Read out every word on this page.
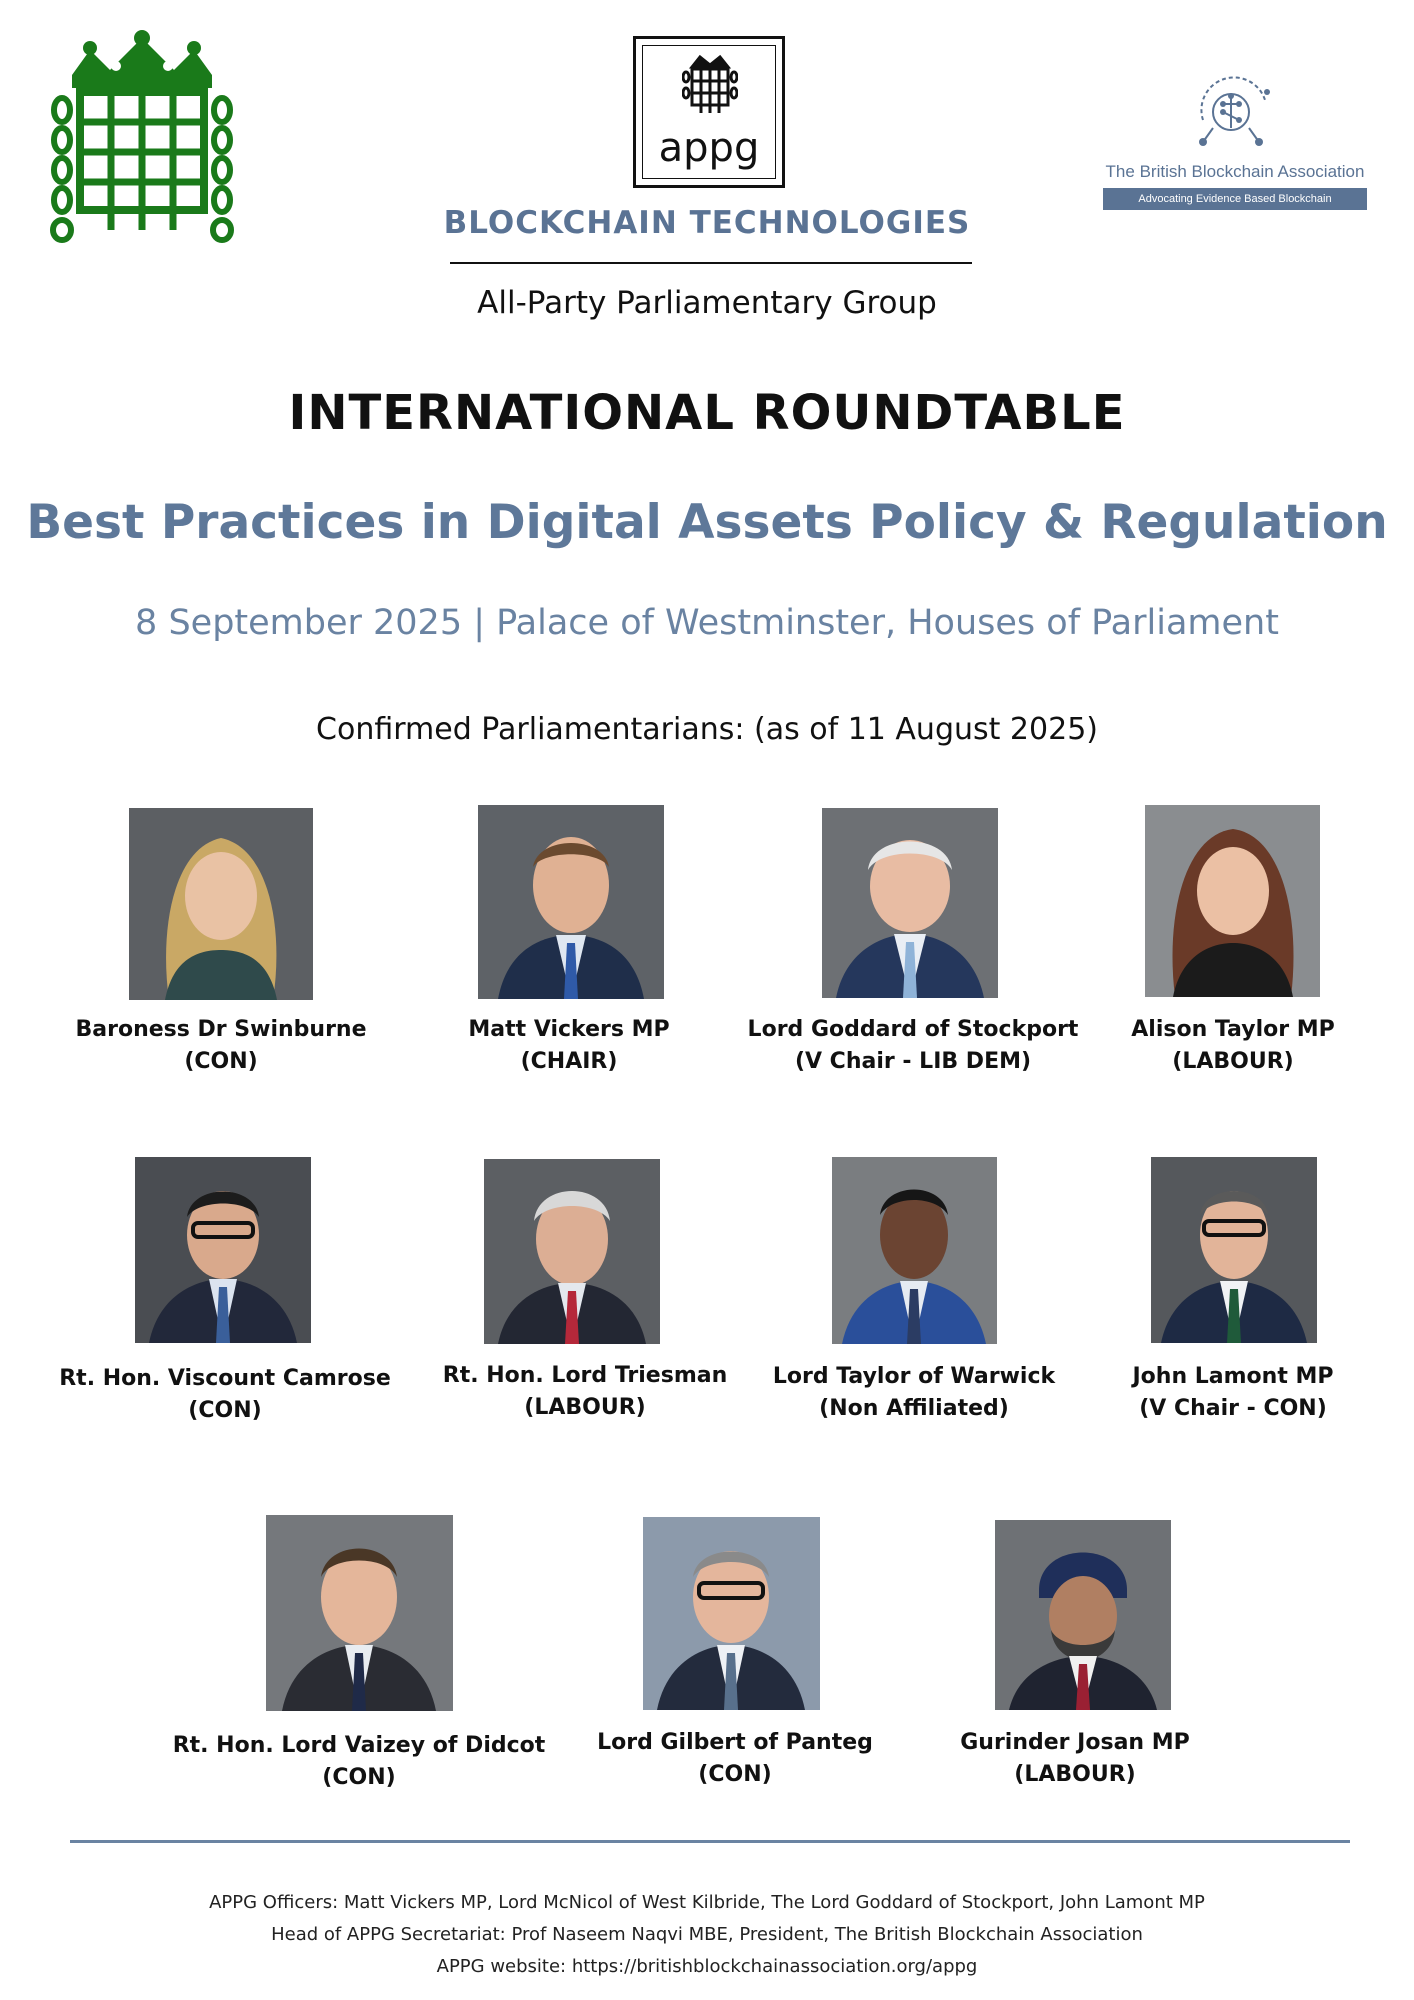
appg
BLOCKCHAIN TECHNOLOGIES
All-Party Parliamentary Group
The British Blockchain Association
Advocating Evidence Based Blockchain
INTERNATIONAL ROUNDTABLE
Best Practices in Digital Assets Policy & Regulation
8 September 2025 | Palace of Westminster, Houses of Parliament
Confirmed Parliamentarians: (as of 11 August 2025)
Baroness Dr Swinburne
(CON)
Matt Vickers MP
(CHAIR)
Lord Goddard of Stockport
(V Chair - LIB DEM)
Alison Taylor MP
(LABOUR)
Rt. Hon. Viscount Camrose
(CON)
Rt. Hon. Lord Triesman
(LABOUR)
Lord Taylor of Warwick
(Non Affiliated)
John Lamont MP
(V Chair - CON)
Rt. Hon. Lord Vaizey of Didcot
(CON)
Lord Gilbert of Panteg
(CON)
Gurinder Josan MP
(LABOUR)
APPG Officers: Matt Vickers MP, Lord McNicol of West Kilbride, The Lord Goddard of Stockport, John Lamont MP
Head of APPG Secretariat: Prof Naseem Naqvi MBE, President, The British Blockchain Association
APPG website: https://britishblockchainassociation.org/appg
